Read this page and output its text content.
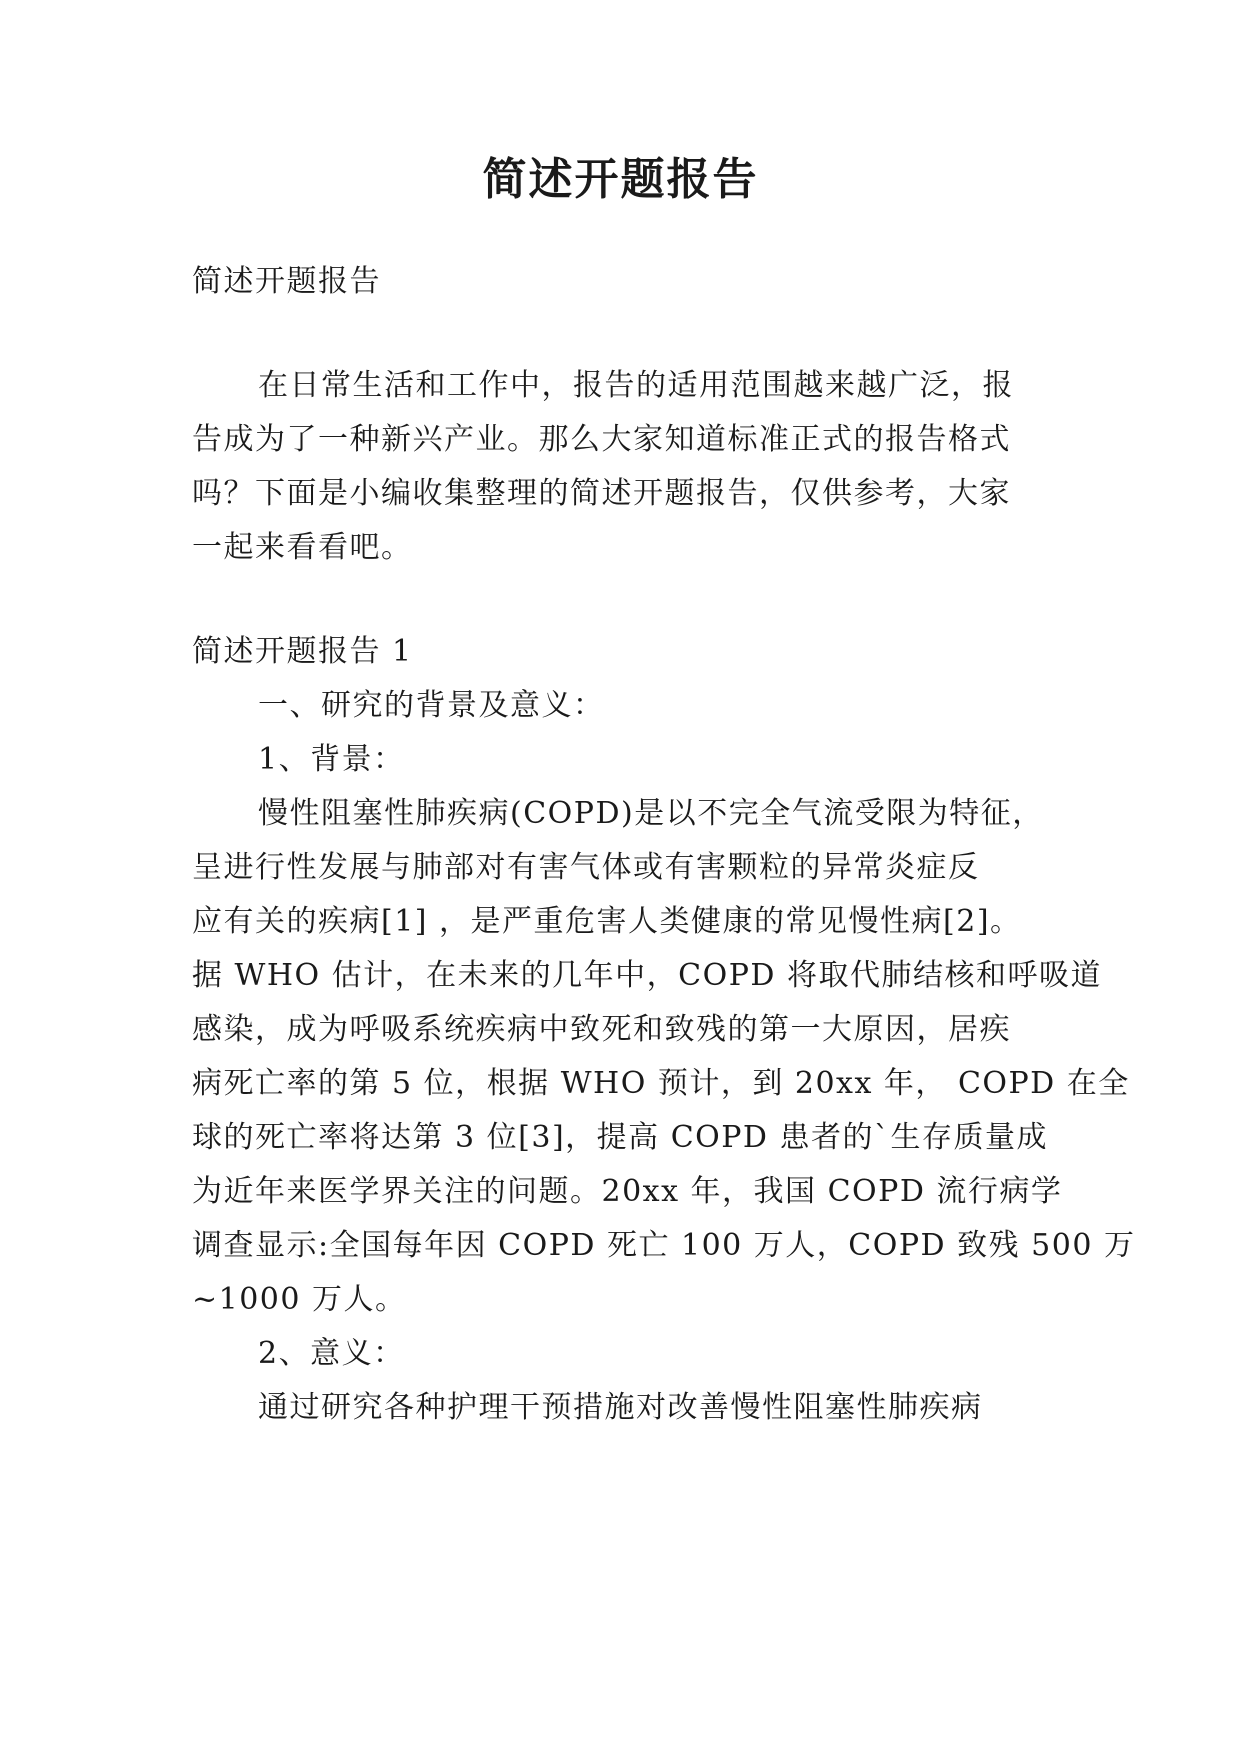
简述开题报告
简述开题报告
在日常生活和工作中，报告的适用范围越来越广泛，报
告成为了一种新兴产业。那么大家知道标准正式的报告格式
吗？下面是小编收集整理的简述开题报告，仅供参考，大家
一起来看看吧。
简述开题报告 1
一、研究的背景及意义：
1、背景：
慢性阻塞性肺疾病(COPD)是以不完全气流受限为特征，
呈进行性发展与肺部对有害气体或有害颗粒的异常炎症反
应有关的疾病[1] ，是严重危害人类健康的常见慢性病[2]。
据 WHO 估计，在未来的几年中，COPD 将取代肺结核和呼吸道
感染，成为呼吸系统疾病中致死和致残的第一大原因，居疾
病死亡率的第 5 位，根据 WHO 预计，到 20xx 年， COPD 在全
球的死亡率将达第 3 位[3]，提高 COPD 患者的`生存质量成
为近年来医学界关注的问题。20xx 年，我国 COPD 流行病学
调查显示:全国每年因 COPD 死亡 100 万人，COPD 致残 500 万
~1000 万人。
2、意义：
通过研究各种护理干预措施对改善慢性阻塞性肺疾病
